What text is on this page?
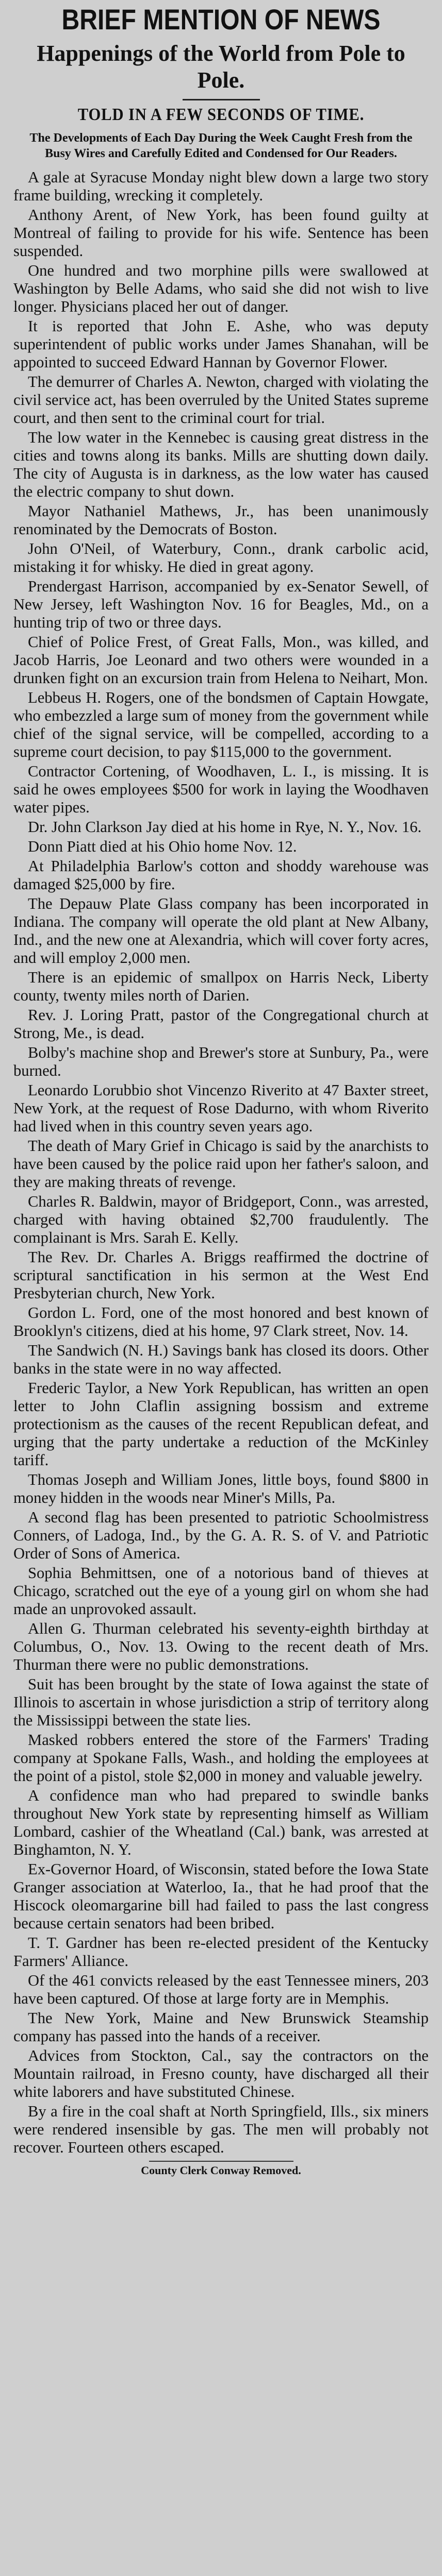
BRIEF MENTION OF NEWS
Happenings of the World from Pole to Pole.
TOLD IN A FEW SECONDS OF TIME.
The Developments of Each Day During the Week Caught Fresh from the Busy Wires and Carefully Edited and Condensed for Our Readers.

A gale at Syracuse Monday night blew down a large two story frame building, wrecking it completely.

Anthony Arent, of New York, has been found guilty at Montreal of failing to provide for his wife. Sentence has been suspended.

One hundred and two morphine pills were swallowed at Washington by Belle Adams, who said she did not wish to live longer. Physicians placed her out of danger.

It is reported that John E. Ashe, who was deputy superintendent of public works under James Shanahan, will be appointed to succeed Edward Hannan by Governor Flower.

The demurrer of Charles A. Newton, charged with violating the civil service act, has been overruled by the United States supreme court, and then sent to the criminal court for trial.

The low water in the Kennebec is causing great distress in the cities and towns along its banks. Mills are shutting down daily. The city of Augusta is in darkness, as the low water has caused the electric company to shut down.

Mayor Nathaniel Mathews, Jr., has been unanimously renominated by the Democrats of Boston.

John O'Neil, of Waterbury, Conn., drank carbolic acid, mistaking it for whisky. He died in great agony.

Prendergast Harrison, accompanied by ex-Senator Sewell, of New Jersey, left Washington Nov. 16 for Beagles, Md., on a hunting trip of two or three days.

Chief of Police Frest, of Great Falls, Mon., was killed, and Jacob Harris, Joe Leonard and two others were wounded in a drunken fight on an excursion train from Helena to Neihart, Mon.

Lebbeus H. Rogers, one of the bondsmen of Captain Howgate, who embezzled a large sum of money from the government while chief of the signal service, will be compelled, according to a supreme court decision, to pay $115,000 to the government.

Contractor Cortening, of Woodhaven, L. I., is missing. It is said he owes employees $500 for work in laying the Woodhaven water pipes.

Dr. John Clarkson Jay died at his home in Rye, N. Y., Nov. 16.

Donn Piatt died at his Ohio home Nov. 12.

At Philadelphia Barlow's cotton and shoddy warehouse was damaged $25,000 by fire.

The Depauw Plate Glass company has been incorporated in Indiana. The company will operate the old plant at New Albany, Ind., and the new one at Alexandria, which will cover forty acres, and will employ 2,000 men.

There is an epidemic of smallpox on Harris Neck, Liberty county, twenty miles north of Darien.

Rev. J. Loring Pratt, pastor of the Congregational church at Strong, Me., is dead.

Bolby's machine shop and Brewer's store at Sunbury, Pa., were burned.

Leonardo Lorubbio shot Vincenzo Riverito at 47 Baxter street, New York, at the request of Rose Dadurno, with whom Riverito had lived when in this country seven years ago.

The death of Mary Grief in Chicago is said by the anarchists to have been caused by the police raid upon her father's saloon, and they are making threats of revenge.

Charles R. Baldwin, mayor of Bridgeport, Conn., was arrested, charged with having obtained $2,700 fraudulently. The complainant is Mrs. Sarah E. Kelly.

The Rev. Dr. Charles A. Briggs reaffirmed the doctrine of scriptural sanctification in his sermon at the West End Presbyterian church, New York.

Gordon L. Ford, one of the most honored and best known of Brooklyn's citizens, died at his home, 97 Clark street, Nov. 14.

The Sandwich (N. H.) Savings bank has closed its doors. Other banks in the state were in no way affected.

Frederic Taylor, a New York Republican, has written an open letter to John Claflin assigning bossism and extreme protectionism as the causes of the recent Republican defeat, and urging that the party undertake a reduction of the McKinley tariff.

Thomas Joseph and William Jones, little boys, found $800 in money hidden in the woods near Miner's Mills, Pa.

A second flag has been presented to patriotic Schoolmistress Conners, of Ladoga, Ind., by the G. A. R. S. of V. and Patriotic Order of Sons of America.

Sophia Behmittsen, one of a notorious band of thieves at Chicago, scratched out the eye of a young girl on whom she had made an unprovoked assault.

Allen G. Thurman celebrated his seventy-eighth birthday at Columbus, O., Nov. 13. Owing to the recent death of Mrs. Thurman there were no public demonstrations.

Suit has been brought by the state of Iowa against the state of Illinois to ascertain in whose jurisdiction a strip of territory along the Mississippi between the state lies.

Masked robbers entered the store of the Farmers' Trading company at Spokane Falls, Wash., and holding the employees at the point of a pistol, stole $2,000 in money and valuable jewelry.

A confidence man who had prepared to swindle banks throughout New York state by representing himself as William Lombard, cashier of the Wheatland (Cal.) bank, was arrested at Binghamton, N. Y.

Ex-Governor Hoard, of Wisconsin, stated before the Iowa State Granger association at Waterloo, Ia., that he had proof that the Hiscock oleomargarine bill had failed to pass the last congress because certain senators had been bribed.

T. T. Gardner has been re-elected president of the Kentucky Farmers' Alliance.

Of the 461 convicts released by the east Tennessee miners, 203 have been captured. Of those at large forty are in Memphis.

The New York, Maine and New Brunswick Steamship company has passed into the hands of a receiver.

Advices from Stockton, Cal., say the contractors on the Mountain railroad, in Fresno county, have discharged all their white laborers and have substituted Chinese.

By a fire in the coal shaft at North Springfield, Ills., six miners were rendered insensible by gas. The men will probably not recover. Fourteen others escaped.

County Clerk Conway Removed.
